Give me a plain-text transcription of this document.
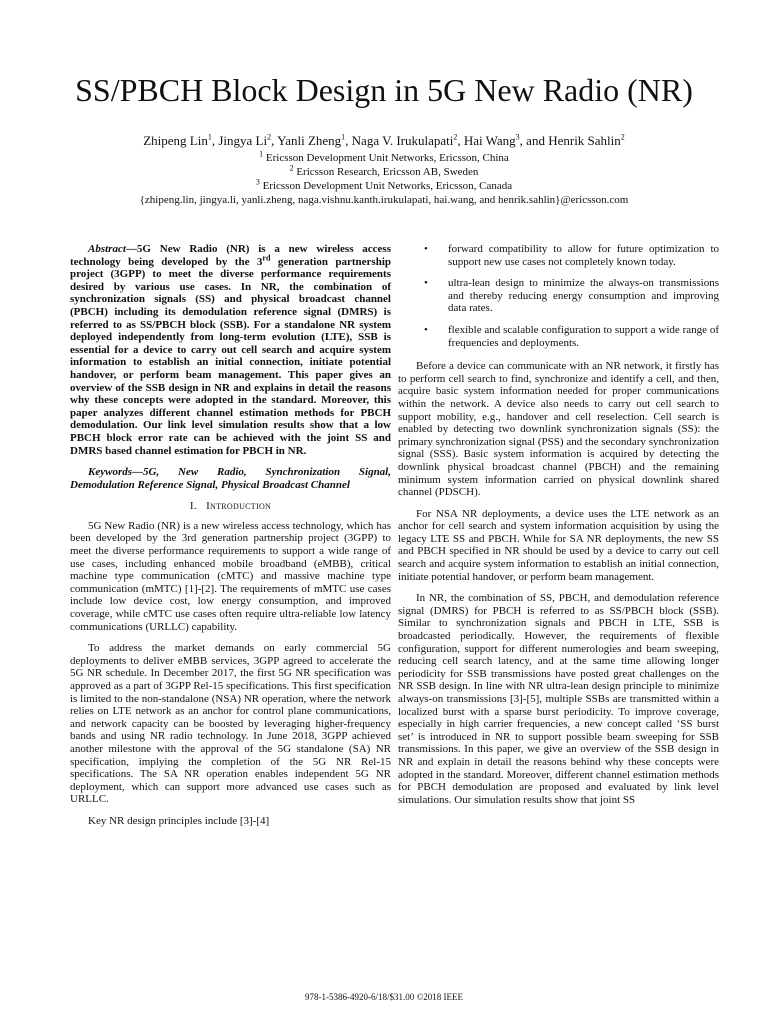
SS/PBCH Block Design in 5G New Radio (NR)
Zhipeng Lin$^1$, Jingya Li$^2$, Yanli Zheng$^1$, Naga V. Irukulapati$^2$, Hai Wang$^3$, and Henrik Sahlin$^2$
$^1$ Ericsson Development Unit Networks, Ericsson, China
$^2$ Ericsson Research, Ericsson AB, Sweden
$^3$ Ericsson Development Unit Networks, Ericsson, Canada
{zhipeng.lin, jingya.li, yanli.zheng, naga.vishnu.kanth.irukulapati, hai.wang, and henrik.sahlin}@ericsson.com

Abstract—5G New Radio (NR) is a new wireless access technology being developed by the 3rd generation partnership project (3GPP) to meet the diverse performance requirements desired by various use cases. In NR, the combination of synchronization signals (SS) and physical broadcast channel (PBCH) including its demodulation reference signal (DMRS) is referred to as SS/PBCH block (SSB). For a standalone NR system deployed independently from long-term evolution (LTE), SSB is essential for a device to carry out cell search and acquire system information to establish an initial connection, initiate potential handover, or perform beam management. This paper gives an overview of the SSB design in NR and explains in detail the reasons why these concepts were adopted in the standard. Moreover, this paper analyzes different channel estimation methods for PBCH demodulation. Our link level simulation results show that a low PBCH block error rate can be achieved with the joint SS and DMRS based channel estimation for PBCH in NR.

Keywords—5G, New Radio, Synchronization Signal, Demodulation Reference Signal, Physical Broadcast Channel

I. Introduction

5G New Radio (NR) is a new wireless access technology, which has been developed by the 3rd generation partnership project (3GPP) to meet the diverse performance requirements to support a wide range of use cases, including enhanced mobile broadband (eMBB), critical machine type communication (cMTC) and massive machine type communication (mMTC) [1]-[2]. The requirements of mMTC use cases include low device cost, low energy consumption, and improved coverage, while cMTC use cases often require ultra-reliable low latency communications (URLLC) capability.

To address the market demands on early commercial 5G deployments to deliver eMBB services, 3GPP agreed to accelerate the 5G NR schedule. In December 2017, the first 5G NR specification was approved as a part of 3GPP Rel-15 specifications. This first specification is limited to the non-standalone (NSA) NR operation, where the network relies on LTE network as an anchor for control plane communications, and network capacity can be boosted by leveraging higher-frequency bands and using NR radio technology. In June 2018, 3GPP achieved another milestone with the approval of the 5G standalone (SA) NR specification, implying the completion of the 5G NR Rel-15 specifications. The SA NR operation enables independent 5G NR deployment, which can support more advanced use cases such as URLLC.

Key NR design principles include [3]-[4]

• forward compatibility to allow for future optimization to support new use cases not completely known today.
• ultra-lean design to minimize the always-on transmissions and thereby reducing energy consumption and improving data rates.
• flexible and scalable configuration to support a wide range of frequencies and deployments.

Before a device can communicate with an NR network, it firstly has to perform cell search to find, synchronize and identify a cell, and then, acquire basic system information needed for proper communications within the network. A device also needs to carry out cell search to support mobility, e.g., handover and cell reselection. Cell search is enabled by detecting two downlink synchronization signals (SS): the primary synchronization signal (PSS) and the secondary synchronization signal (SSS). Basic system information is acquired by detecting the downlink physical broadcast channel (PBCH) and the remaining minimum system information carried on physical downlink shared channel (PDSCH).

For NSA NR deployments, a device uses the LTE network as an anchor for cell search and system information acquisition by using the legacy LTE SS and PBCH. While for SA NR deployments, the new SS and PBCH specified in NR should be used by a device to carry out cell search and acquire system information to establish an initial connection, initiate potential handover, or perform beam management.

In NR, the combination of SS, PBCH, and demodulation reference signal (DMRS) for PBCH is referred to as SS/PBCH block (SSB). Similar to synchronization signals and PBCH in LTE, SSB is broadcasted periodically. However, the requirements of flexible configuration, support for different numerologies and beam sweeping, reducing cell search latency, and at the same time allowing longer periodicity for SSB transmissions have posted great challenges on the NR SSB design. In line with NR ultra-lean design principle to minimize always-on transmissions [3]-[5], multiple SSBs are transmitted within a localized burst with a sparse burst periodicity. To improve coverage, especially in high carrier frequencies, a new concept called ‘SS burst set’ is introduced in NR to support possible beam sweeping for SSB transmissions. In this paper, we give an overview of the SSB design in NR and explain in detail the reasons behind why these concepts were adopted in the standard. Moreover, different channel estimation methods for PBCH demodulation are proposed and evaluated by link level simulations. Our simulation results show that joint SS

978-1-5386-4920-6/18/$31.00 ©2018 IEEE
